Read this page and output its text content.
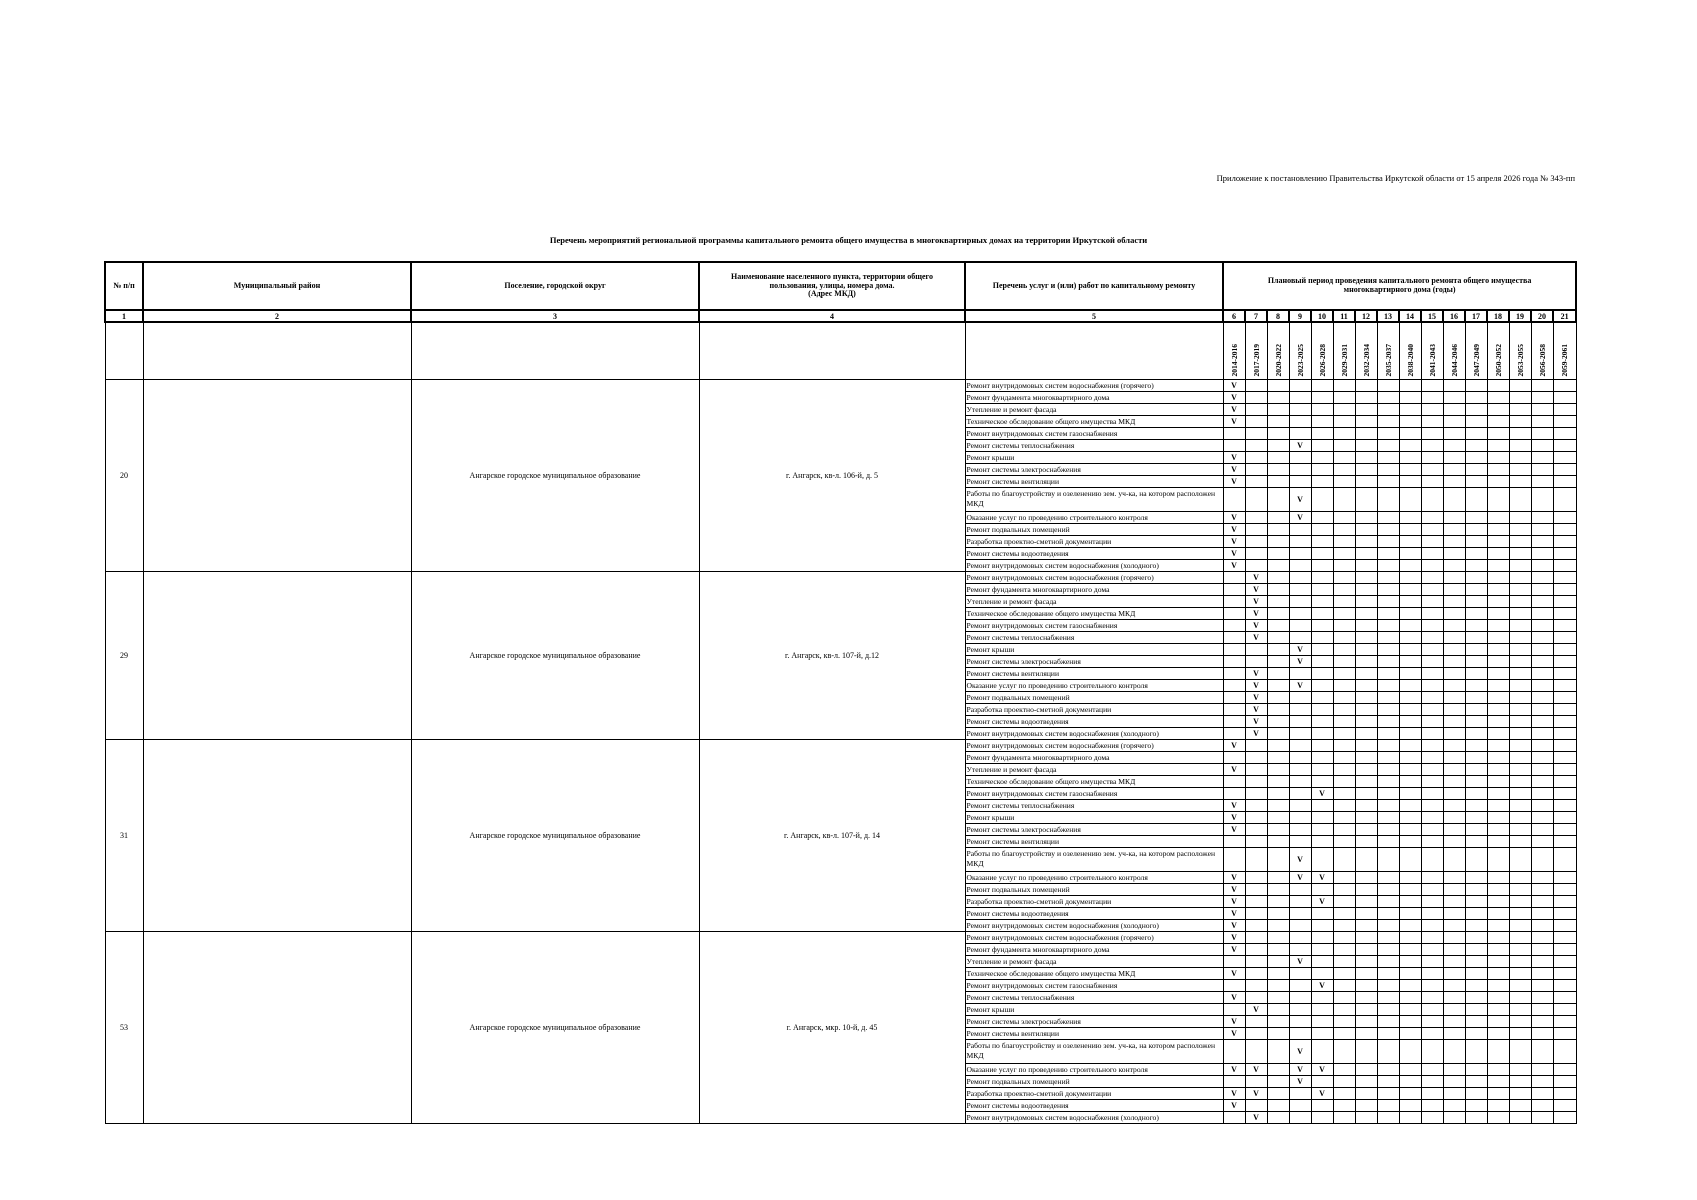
Приложение к постановлению Правительства Иркутской области от 15 апреля 2026 года № 343-пп
Перечень мероприятий региональной программы капитального ремонта общего имущества в многоквартирных домах на территории Иркутской области
№ п/п	Муниципальный район	Поселение, городской округ	Наименование населенного пункта, территории общего
пользования, улицы, номера дома.
(Адрес МКД)	Перечень услуг и (или) работ по капитальному ремонту	Плановый период проведения капитального ремонта общего имущества многоквартирного дома (годы)															
1	2	3	4	5	6	7	8	9	10	11	12	13	14	15	16	17	18	19	20	21
					2014-2016	2017-2019	2020-2022	2023-2025	2026-2028	2029-2031	2032-2034	2035-2037	2038-2040	2041-2043	2044-2046	2047-2049	2050-2052	2053-2055	2056-2058	2059-2061
20		Ангарское городское муниципальное образование	г. Ангарск, кв-л. 106-й, д. 5	Ремонт внутридомовых систем водоснабжения (горячего)	V															
				Ремонт фундамента многоквартирного дома	V															
				Утепление и ремонт фасада	V															
				Техническое обследование общего имущества МКД	V															
				Ремонт внутридомовых систем газоснабжения																
				Ремонт системы теплоснабжения				V												
				Ремонт крыши	V															
				Ремонт системы электроснабжения	V															
				Ремонт системы вентиляции	V															
				Работы по благоустройству и озеленению зем. уч-ка, на котором расположен МКД				V												
				Оказание услуг по проведению строительного контроля	V			V												
				Ремонт подвальных помещений	V															
				Разработка проектно-сметной документации	V															
				Ремонт системы водоотведения	V															
				Ремонт внутридомовых систем водоснабжения (холодного)	V															
29		Ангарское городское муниципальное образование	г. Ангарск, кв-л. 107-й, д.12	Ремонт внутридомовых систем водоснабжения (горячего)		V														
				Ремонт фундамента многоквартирного дома		V														
				Утепление и ремонт фасада		V														
				Техническое обследование общего имущества МКД		V														
				Ремонт внутридомовых систем газоснабжения		V														
				Ремонт системы теплоснабжения		V														
				Ремонт крыши				V												
				Ремонт системы электроснабжения				V												
				Ремонт системы вентиляции		V														
				Оказание услуг по проведению строительного контроля		V		V												
				Ремонт подвальных помещений		V														
				Разработка проектно-сметной документации		V														
				Ремонт системы водоотведения		V														
				Ремонт внутридомовых систем водоснабжения (холодного)		V														
31		Ангарское городское муниципальное образование	г. Ангарск, кв-л. 107-й, д. 14	Ремонт внутридомовых систем водоснабжения (горячего)	V															
				Ремонт фундамента многоквартирного дома																
				Утепление и ремонт фасада	V															
				Техническое обследование общего имущества МКД																
				Ремонт внутридомовых систем газоснабжения					V											
				Ремонт системы теплоснабжения	V															
				Ремонт крыши	V															
				Ремонт системы электроснабжения	V															
				Ремонт системы вентиляции																
				Работы по благоустройству и озеленению зем. уч-ка, на котором расположен МКД				V												
				Оказание услуг по проведению строительного контроля	V			V	V											
				Ремонт подвальных помещений	V															
				Разработка проектно-сметной документации	V				V											
				Ремонт системы водоотведения	V															
				Ремонт внутридомовых систем водоснабжения (холодного)	V															
53		Ангарское городское муниципальное образование	г. Ангарск, мкр. 10-й, д. 45	Ремонт внутридомовых систем водоснабжения (горячего)	V															
				Ремонт фундамента многоквартирного дома	V															
				Утепление и ремонт фасада				V												
				Техническое обследование общего имущества МКД	V															
				Ремонт внутридомовых систем газоснабжения					V											
				Ремонт системы теплоснабжения	V															
				Ремонт крыши		V														
				Ремонт системы электроснабжения	V															
				Ремонт системы вентиляции	V															
				Работы по благоустройству и озеленению зем. уч-ка, на котором расположен МКД				V												
				Оказание услуг по проведению строительного контроля	V	V		V	V											
				Ремонт подвальных помещений				V												
				Разработка проектно-сметной документации	V	V			V											
				Ремонт системы водоотведения	V															
				Ремонт внутридомовых систем водоснабжения (холодного)		V														
